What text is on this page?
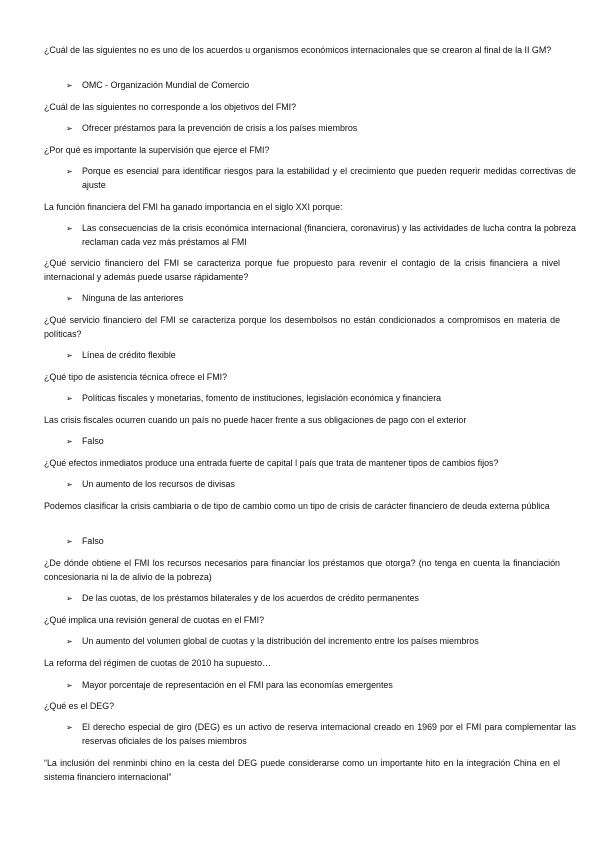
¿Cuál de las siguientes no es uno de los acuerdos u organismos económicos internacionales que se crearon al final de la II GM?
➢	OMC - Organización Mundial de Comercio
¿Cuál de las siguientes no corresponde a los objetivos del FMI?
➢	Ofrecer préstamos para la prevención de crisis a los países miembros
¿Por qué es importante la supervisión que ejerce el FMI?
➢	Porque es esencial para identificar riesgos para la estabilidad y el crecimiento que pueden requerir medidas correctivas de ajuste
La función financiera del FMI ha ganado importancia en el siglo XXI porque:
➢	Las consecuencias de la crisis económica internacional (financiera, coronavirus) y las actividades de lucha contra la pobreza reclaman cada vez más préstamos al FMI
¿Qué servicio financiero del FMI se caracteriza porque fue propuesto para revenir el contagio de la crisis financiera a nivel internacional y además puede usarse rápidamente?
➢	Ninguna de las anteriores
¿Qué servicio financiero del FMI se caracteriza porque los desembolsos no están condicionados a compromisos en materia de políticas?
➢	Línea de crédito flexible
¿Qué tipo de asistencia técnica ofrece el FMI?
➢	Políticas fiscales y monetarias, fomento de instituciones, legislación económica y financiera
Las crisis fiscales ocurren cuando un país no puede hacer frente a sus obligaciones de pago con el exterior
➢	Falso
¿Qué efectos inmediatos produce una entrada fuerte de capital l país que trata de mantener tipos de cambios fijos?
➢	Un aumento de los recursos de divisas
Podemos clasificar la crisis cambiaria o de tipo de cambio como un tipo de crisis de carácter financiero de deuda externa pública
➢	Falso
¿De dónde obtiene el FMI los recursos necesarios para financiar los préstamos que otorga? (no tenga en cuenta la financiación concesionaria ni la de alivio de la pobreza)
➢	De las cuotas, de los préstamos bilaterales y de los acuerdos de crédito permanentes
¿Qué implica una revisión general de cuotas en el FMI?
➢	Un aumento del volumen global de cuotas y la distribución del incremento entre los países miembros
La reforma del régimen de cuotas de 2010 ha supuesto…
➢	Mayor porcentaje de representación en el FMI para las economías emergentes
¿Qué es el DEG?
➢	El derecho especial de giro (DEG) es un activo de reserva internacional creado en 1969 por el FMI para complementar las reservas oficiales de los países miembros
“La inclusión del renminbi chino en la cesta del DEG puede considerarse como un importante hito en la integración China en el sistema financiero internacional”
